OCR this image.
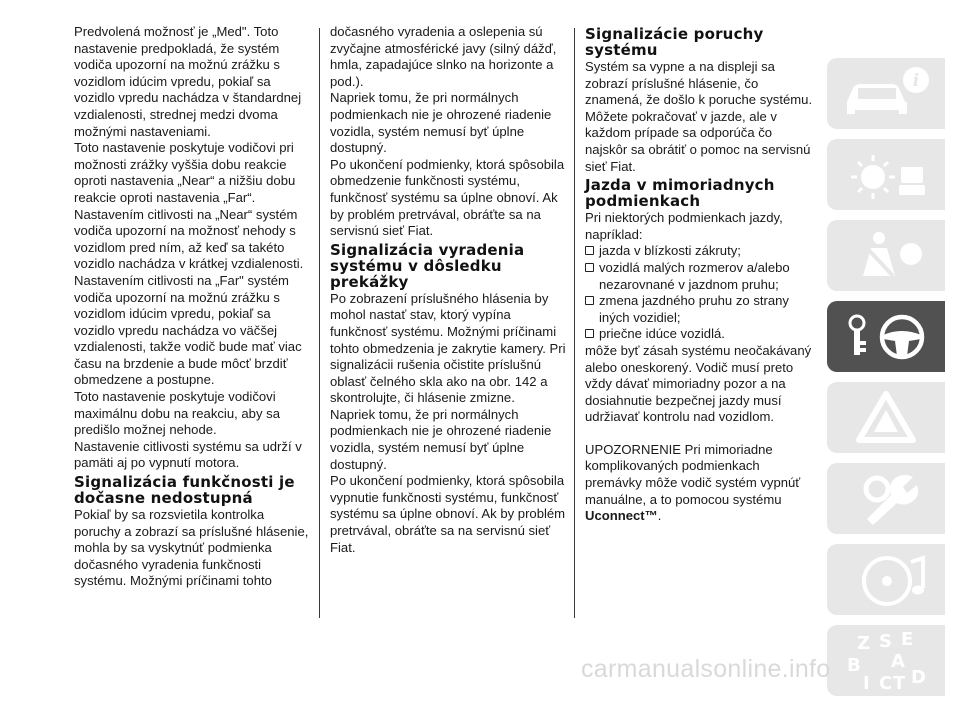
Predvolená možnosť je „Med". Toto nastavenie predpokladá, že systém vodiča upozorní na možnú zrážku s vozidlom idúcim vpredu, pokiaľ sa vozidlo vpredu nachádza v štandardnej vzdialenosti, strednej medzi dvoma možnými nastaveniami.

Toto nastavenie poskytuje vodičovi pri možnosti zrážky vyššia dobu reakcie oproti nastavenia „Near“ a nižšiu dobu reakcie oproti nastavenia „Far“.

Nastavením citlivosti na „Near“ systém vodiča upozorní na možnosť nehody s vozidlom pred ním, až keď sa takéto vozidlo nachádza v krátkej vzdialenosti.

Nastavením citlivosti na „Far" systém vodiča upozorní na možnú zrážku s vozidlom idúcim vpredu, pokiaľ sa vozidlo vpredu nachádza vo väčšej vzdialenosti, takže vodič bude mať viac času na brzdenie a bude môcť brzdiť obmedzene a postupne.

Toto nastavenie poskytuje vodičovi maximálnu dobu na reakciu, aby sa predišlo možnej nehode.

Nastavenie citlivosti systému sa udrží v pamäti aj po vypnutí motora.

Signalizácia funkčnosti je dočasne nedostupná

Pokiaľ by sa rozsvietila kontrolka poruchy a zobrazí sa príslušné hlásenie, mohla by sa vyskytnúť podmienka dočasného vyradenia funkčnosti systému. Možnými príčinami tohto

dočasného vyradenia a oslepenia sú zvyčajne atmosférické javy (silný dážď, hmla, zapadajúce slnko na horizonte a pod.).

Napriek tomu, že pri normálnych podmienkach nie je ohrozené riadenie vozidla, systém nemusí byť úplne dostupný.

Po ukončení podmienky, ktorá spôsobila obmedzenie funkčnosti systému, funkčnosť systému sa úplne obnoví. Ak by problém pretrvával, obráťte sa na servisnú sieť Fiat.

Signalizácia vyradenia systému v dôsledku prekážky

Po zobrazení príslušného hlásenia by mohol nastať stav, ktorý vypína funkčnosť systému. Možnými príčinami tohto obmedzenia je zakrytie kamery. Pri signalizácii rušenia očistite príslušnú oblasť čelného skla ako na obr. 142 a skontrolujte, či hlásenie zmizne.

Napriek tomu, že pri normálnych podmienkach nie je ohrozené riadenie vozidla, systém nemusí byť úplne dostupný.

Po ukončení podmienky, ktorá spôsobila vypnutie funkčnosti systému, funkčnosť systému sa úplne obnoví. Ak by problém pretrvával, obráťte sa na servisnú sieť Fiat.

Signalizácie poruchy systému

Systém sa vypne a na displeji sa zobrazí príslušné hlásenie, čo znamená, že došlo k poruche systému.

Môžete pokračovať v jazde, ale v každom prípade sa odporúča čo najskôr sa obrátiť o pomoc na servisnú sieť Fiat.

Jazda v mimoriadnych podmienkach

Pri niektorých podmienkach jazdy, napríklad:

jazda v blízkosti zákruty;

vozidlá malých rozmerov a/alebo nezarovnané v jazdnom pruhu;

zmena jazdného pruhu zo strany iných vozidiel;

priečne idúce vozidlá.

môže byť zásah systému neočakávaný alebo oneskorený. Vodič musí preto vždy dávať mimoriadny pozor a na dosiahnutie bezpečnej jazdy musí udržiavať kontrolu nad vozidlom.

UPOZORNENIE Pri mimoriadne komplikovaných podmienkach premávky môže vodič systém vypnúť manuálne, a to pomocou systému Uconnect™.

i
Z S E
B A
I C T D
carmanualsonline.info
